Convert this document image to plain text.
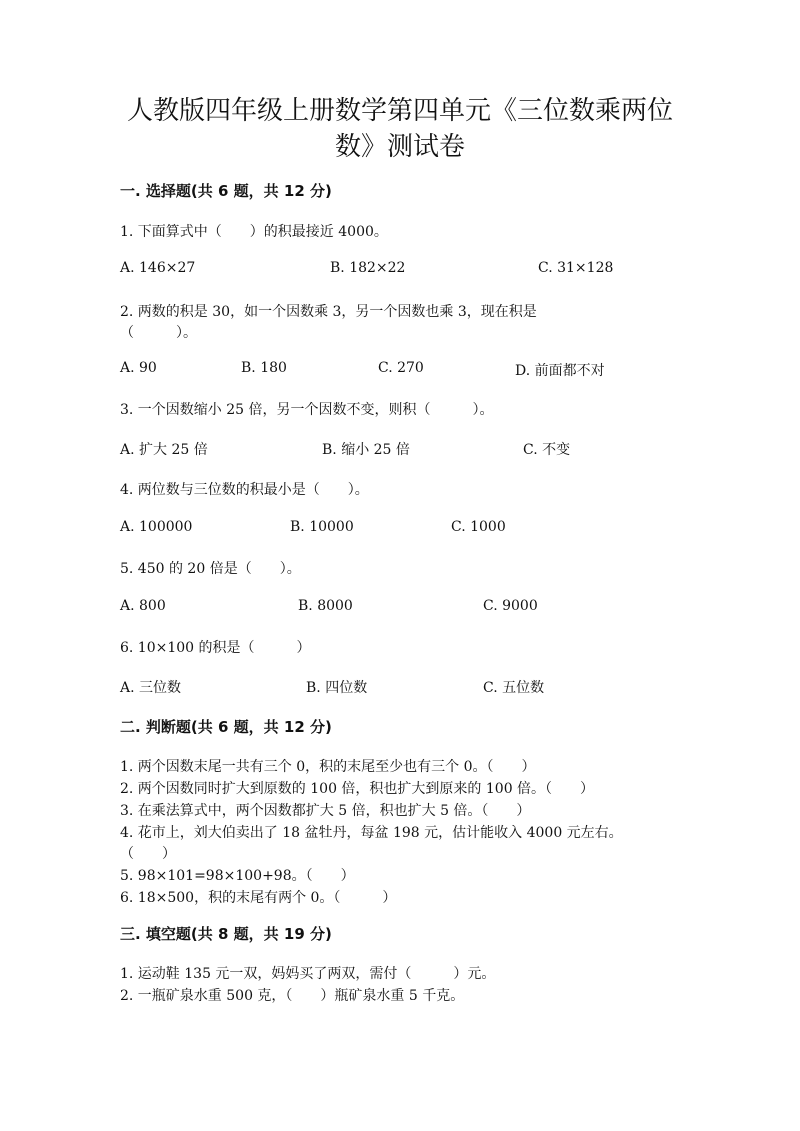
人教版四年级上册数学第四单元《三位数乘两位
数》测试卷
一. 选择题(共 6 题，共 12 分)
1. 下面算式中（　　）的积最接近 4000。
A. 146×27	B. 182×22	C. 31×128
2. 两数的积是 30，如一个因数乘 3，另一个因数也乘 3，现在积是
（　　　）。
A. 90	B. 180	C. 270	D. 前面都不对
3. 一个因数缩小 25 倍，另一个因数不变，则积（　　　）。
A. 扩大 25 倍	B. 缩小 25 倍	C. 不变
4. 两位数与三位数的积最小是（　　）。
A. 100000	B. 10000	C. 1000
5. 450 的 20 倍是（　　）。
A. 800	B. 8000	C. 9000
6. 10×100 的积是（　　　）
A. 三位数	B. 四位数	C. 五位数
二. 判断题(共 6 题，共 12 分)
1. 两个因数末尾一共有三个 0，积的末尾至少也有三个 0。（　　）
2. 两个因数同时扩大到原数的 100 倍，积也扩大到原来的 100 倍。（　　）
3. 在乘法算式中，两个因数都扩大 5 倍，积也扩大 5 倍。（　　）
4. 花市上，刘大伯卖出了 18 盆牡丹，每盆 198 元，估计能收入 4000 元左右。
（　　）
5. 98×101=98×100+98。（　　）
6. 18×500，积的末尾有两个 0。（　　　）
三. 填空题(共 8 题，共 19 分)
1. 运动鞋 135 元一双，妈妈买了两双，需付（　　　）元。
2. 一瓶矿泉水重 500 克，（　　）瓶矿泉水重 5 千克。
